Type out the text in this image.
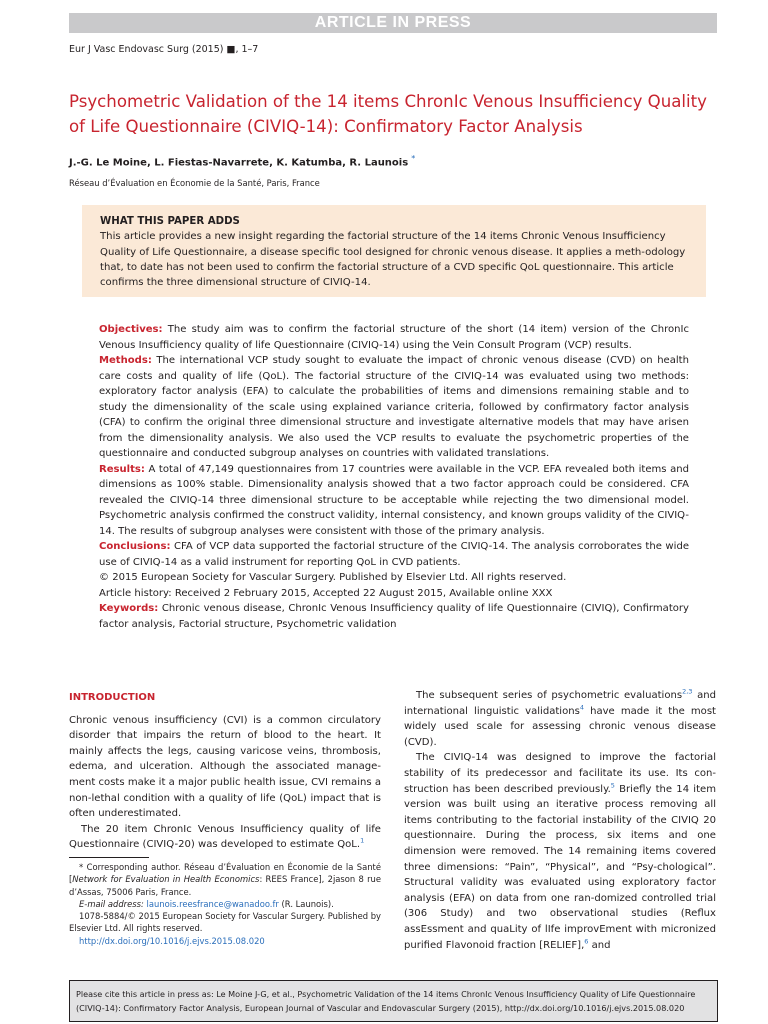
ARTICLE IN PRESS
Eur J Vasc Endovasc Surg (2015) ■, 1–7
Psychometric Validation of the 14 items ChronIc Venous Insufficiency Quality of Life Questionnaire (CIVIQ-14): Confirmatory Factor Analysis
J.-G. Le Moine, L. Fiestas-Navarrete, K. Katumba, R. Launois *
Réseau d’Évaluation en Économie de la Santé, Paris, France
WHAT THIS PAPER ADDS
This article provides a new insight regarding the factorial structure of the 14 items Chronic Venous Insufficiency Quality of Life Questionnaire, a disease specific tool designed for chronic venous disease. It applies a meth-odology that, to date has not been used to confirm the factorial structure of a CVD specific QoL questionnaire. This article confirms the three dimensional structure of CIVIQ-14.

Objectives: The study aim was to confirm the factorial structure of the short (14 item) version of the ChronIc Venous Insufficiency quality of life Questionnaire (CIVIQ-14) using the Vein Consult Program (VCP) results.

Methods: The international VCP study sought to evaluate the impact of chronic venous disease (CVD) on health care costs and quality of life (QoL). The factorial structure of the CIVIQ-14 was evaluated using two methods: exploratory factor analysis (EFA) to calculate the probabilities of items and dimensions remaining stable and to study the dimensionality of the scale using explained variance criteria, followed by confirmatory factor analysis (CFA) to confirm the original three dimensional structure and investigate alternative models that may have arisen from the dimensionality analysis. We also used the VCP results to evaluate the psychometric properties of the questionnaire and conducted subgroup analyses on countries with validated translations.

Results: A total of 47,149 questionnaires from 17 countries were available in the VCP. EFA revealed both items and dimensions as 100% stable. Dimensionality analysis showed that a two factor approach could be considered. CFA revealed the CIVIQ-14 three dimensional structure to be acceptable while rejecting the two dimensional model. Psychometric analysis confirmed the construct validity, internal consistency, and known groups validity of the CIVIQ-14. The results of subgroup analyses were consistent with those of the primary analysis.

Conclusions: CFA of VCP data supported the factorial structure of the CIVIQ-14. The analysis corroborates the wide use of CIVIQ-14 as a valid instrument for reporting QoL in CVD patients.

© 2015 European Society for Vascular Surgery. Published by Elsevier Ltd. All rights reserved.

Article history: Received 2 February 2015, Accepted 22 August 2015, Available online XXX

Keywords: Chronic venous disease, ChronIc Venous Insufficiency quality of life Questionnaire (CIVIQ), Confirmatory factor analysis, Factorial structure, Psychometric validation

INTRODUCTION

Chronic venous insufficiency (CVI) is a common circulatory disorder that impairs the return of blood to the heart. It mainly affects the legs, causing varicose veins, thrombosis, edema, and ulceration. Although the associated manage-ment costs make it a major public health issue, CVI remains a non-lethal condition with a quality of life (QoL) impact that is often underestimated.

The 20 item ChronIc Venous Insufficiency quality of life Questionnaire (CIVIQ-20) was developed to estimate QoL.$^1$

The subsequent series of psychometric evaluations$^{2,3}$ and international linguistic validations$^4$ have made it the most widely used scale for assessing chronic venous disease (CVD).

The CIVIQ-14 was designed to improve the factorial stability of its predecessor and facilitate its use. Its con-struction has been described previously.$^5$ Briefly the 14 item version was built using an iterative process removing all items contributing to the factorial instability of the CIVIQ 20 questionnaire. During the process, six items and one dimension were removed. The 14 remaining items covered three dimensions: “Pain”, “Physical”, and “Psy-chological”. Structural validity was evaluated using exploratory factor analysis (EFA) on data from one ran-domized controlled trial (306 Study) and two observational studies (Reflux assEssment and quaLity of lIfe improvEment with micronized purified Flavonoid fraction [RELIEF],$^6$ and

* Corresponding author. Réseau d’Évaluation en Économie de la Santé [Network for Evaluation in Health Economics: REES France], 2jason 8 rue d’Assas, 75006 Paris, France.
E-mail address: launois.reesfrance@wanadoo.fr (R. Launois).
1078-5884/© 2015 European Society for Vascular Surgery. Published by Elsevier Ltd. All rights reserved.
http://dx.doi.org/10.1016/j.ejvs.2015.08.020
Please cite this article in press as: Le Moine J-G, et al., Psychometric Validation of the 14 items ChronIc Venous Insufficiency Quality of Life Questionnaire (CIVIQ-14): Confirmatory Factor Analysis, European Journal of Vascular and Endovascular Surgery (2015), http://dx.doi.org/10.1016/j.ejvs.2015.08.020
